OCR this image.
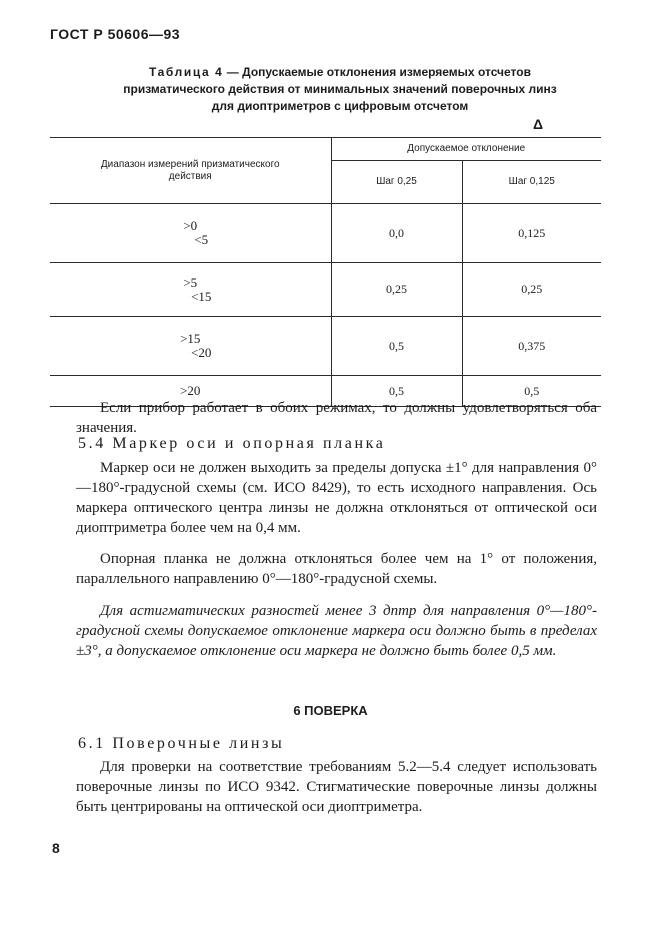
ГОСТ Р 50606—93
Таблица 4 — Допускаемые отклонения измеряемых отсчетов
призматического действия от минимальных значений поверочных линз
для диоптриметров с цифровым отсчетом
Δ
Диапазон измерений призматического действия	Допускаемое отклонение	
	Шаг 0,25	Шаг 0,125

>0
<5	0,0	0,125

>5
<15	0,25	0,25

>15
<20	0,5	0,375

>20	0,5	0,5
Если прибор работает в обоих режимах, то должны удовлетворяться оба значения.
5.4 Маркер оси и опорная планка
Маркер оси не должен выходить за пределы допуска ±1° для направления 0°—180°-градусной схемы (см. ИСО 8429), то есть исходного направления. Ось маркера оптического центра линзы не должна отклоняться от оптической оси диоптриметра более чем на 0,4 мм.
Опорная планка не должна отклоняться более чем на 1° от положения, параллельного направлению 0°—180°-градусной схемы.
Для астигматических разностей менее 3 дптр для направления 0°—180°-градусной схемы допускаемое отклонение маркера оси должно быть в пределах ±3°, а допускаемое отклонение оси маркера не должно быть более 0,5 мм.
6 ПОВЕРКА
6.1 Поверочные линзы
Для проверки на соответствие требованиям 5.2—5.4 следует использовать поверочные линзы по ИСО 9342. Стигматические поверочные линзы должны быть центрированы на оптической оси диоптриметра.
8
